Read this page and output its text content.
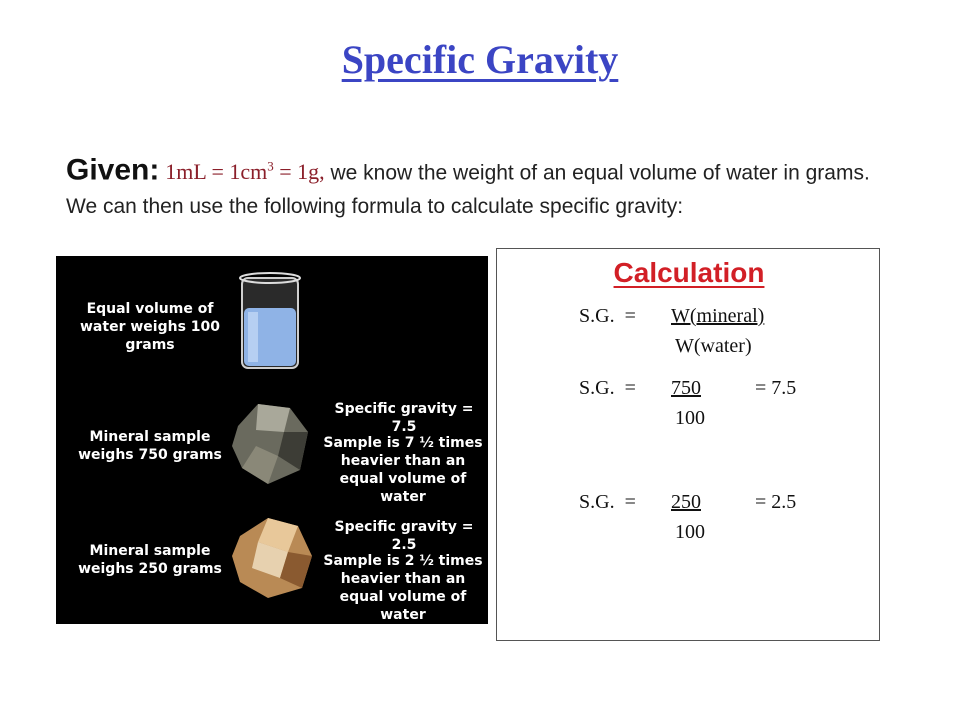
Specific Gravity
Given: $1mL = 1cm^3 = 1g$, we know the weight of an equal volume of water in grams. We can then use the following formula to calculate specific gravity:
Equal volume of water weighs 100 grams
Mineral sample weighs 750 grams
Specific gravity = 7.5
Sample is 7 ½ times heavier than an equal volume of water
Mineral sample weighs 250 grams
Specific gravity = 2.5
Sample is 2 ½ times heavier than an equal volume of water
Calculation
S.G.  = W(mineral)
W(water)
S.G.  = 750	= 7.5
100
S.G.  = 250	= 2.5
100
